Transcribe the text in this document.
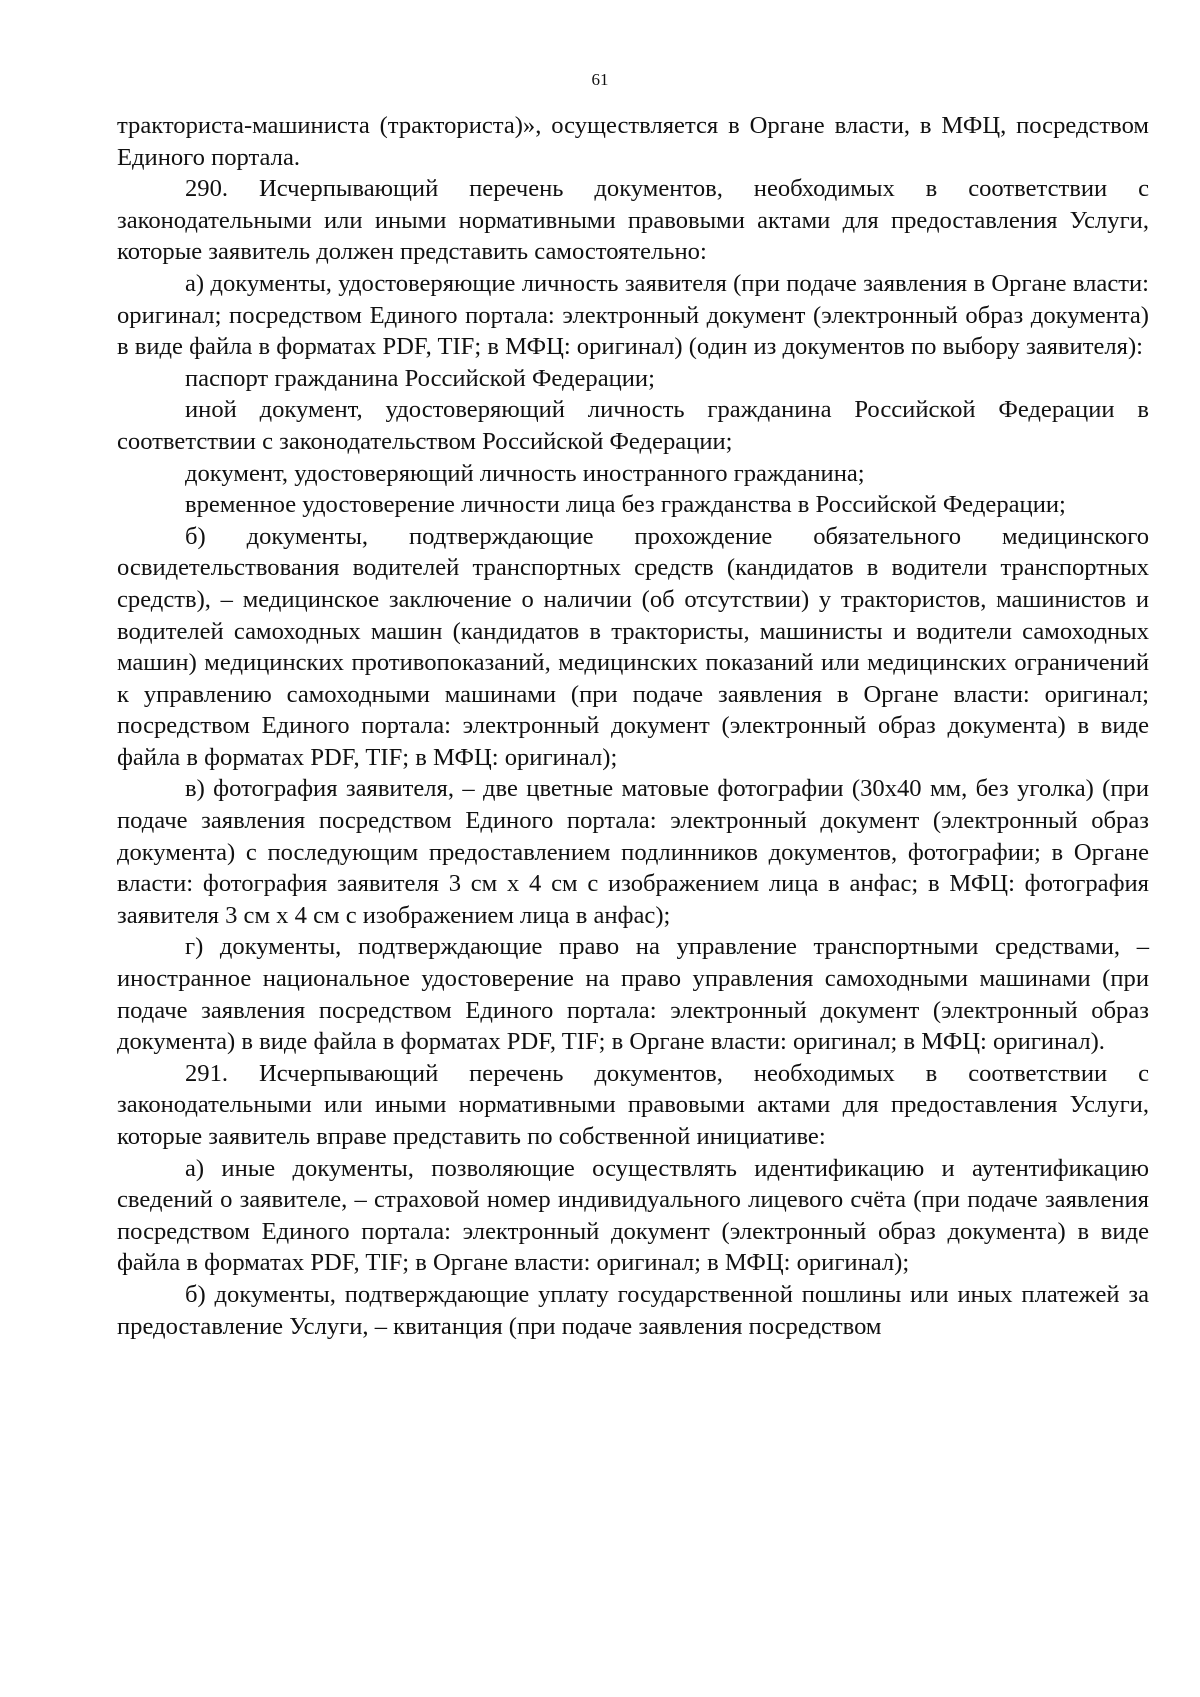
61

тракториста-машиниста (тракториста)», осуществляется в Органе власти, в МФЦ, посредством Единого портала.

290. Исчерпывающий перечень документов, необходимых в соответствии с законодательными или иными нормативными правовыми актами для предоставления Услуги, которые заявитель должен представить самостоятельно:

а) документы, удостоверяющие личность заявителя (при подаче заявления в Органе власти: оригинал; посредством Единого портала: электронный документ (электронный образ документа) в виде файла в форматах PDF, TIF; в МФЦ: оригинал) (один из документов по выбору заявителя):

паспорт гражданина Российской Федерации;

иной документ, удостоверяющий личность гражданина Российской Федерации в соответствии с законодательством Российской Федерации;

документ, удостоверяющий личность иностранного гражданина;

временное удостоверение личности лица без гражданства в Российской Федерации;

б) документы, подтверждающие прохождение обязательного медицинского освидетельствования водителей транспортных средств (кандидатов в водители транспортных средств), – медицинское заключение о наличии (об отсутствии) у трактористов, машинистов и водителей самоходных машин (кандидатов в трактористы, машинисты и водители самоходных машин) медицинских противопоказаний, медицинских показаний или медицинских ограничений к управлению самоходными машинами (при подаче заявления в Органе власти: оригинал; посредством Единого портала: электронный документ (электронный образ документа) в виде файла в форматах PDF, TIF; в МФЦ: оригинал);

в) фотография заявителя, – две цветные матовые фотографии (30х40 мм, без уголка) (при подаче заявления посредством Единого портала: электронный документ (электронный образ документа) с последующим предоставлением подлинников документов, фотографии; в Органе власти: фотография заявителя 3 см х 4 см с изображением лица в анфас; в МФЦ: фотография заявителя 3 см х 4 см с изображением лица в анфас);

г) документы, подтверждающие право на управление транспортными средствами, – иностранное национальное удостоверение на право управления самоходными машинами (при подаче заявления посредством Единого портала: электронный документ (электронный образ документа) в виде файла в форматах PDF, TIF; в Органе власти: оригинал; в МФЦ: оригинал).

291. Исчерпывающий перечень документов, необходимых в соответствии с законодательными или иными нормативными правовыми актами для предоставления Услуги, которые заявитель вправе представить по собственной инициативе:

а) иные документы, позволяющие осуществлять идентификацию и аутентификацию сведений о заявителе, – страховой номер индивидуального лицевого счёта (при подаче заявления посредством Единого портала: электронный документ (электронный образ документа) в виде файла в форматах PDF, TIF; в Органе власти: оригинал; в МФЦ: оригинал);

б) документы, подтверждающие уплату государственной пошлины или иных платежей за предоставление Услуги, – квитанция (при подаче заявления посредством
